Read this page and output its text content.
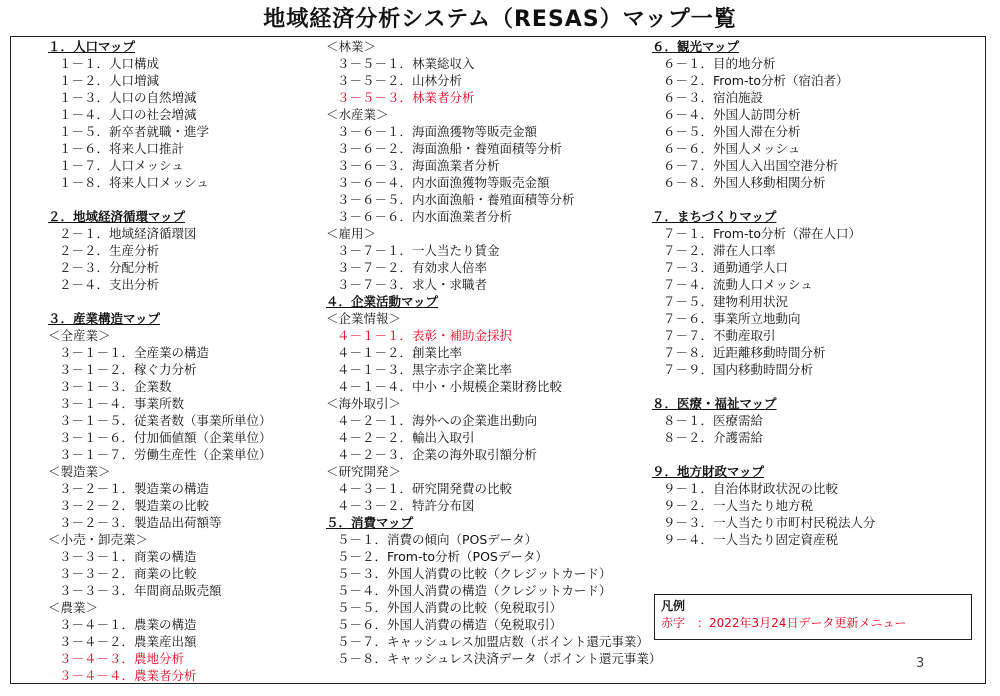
地域経済分析システム（RESAS）マップ一覧
１．人口マップ
１－１．人口構成
１－２．人口増減
１－３．人口の自然増減
１－４．人口の社会増減
１－５．新卒者就職・進学
１－６．将来人口推計
１－７．人口メッシュ
１－８．将来人口メッシュ
２．地域経済循環マップ
２－１．地域経済循環図
２－２．生産分析
２－３．分配分析
２－４．支出分析
３．産業構造マップ
＜全産業＞
３－１－１．全産業の構造
３－１－２．稼ぐ力分析
３－１－３．企業数
３－１－４．事業所数
３－１－５．従業者数（事業所単位）
３－１－６．付加価値額（企業単位）
３－１－７．労働生産性（企業単位）
＜製造業＞
３－２－１．製造業の構造
３－２－２．製造業の比較
３－２－３．製造品出荷額等
＜小売・卸売業＞
３－３－１．商業の構造
３－３－２．商業の比較
３－３－３．年間商品販売額
＜農業＞
３－４－１．農業の構造
３－４－２．農業産出額
３－４－３．農地分析
３－４－４．農業者分析
＜林業＞
３－５－１．林業総収入
３－５－２．山林分析
３－５－３．林業者分析
＜水産業＞
３－６－１．海面漁獲物等販売金額
３－６－２．海面漁船・養殖面積等分析
３－６－３．海面漁業者分析
３－６－４．内水面漁獲物等販売金額
３－６－５．内水面漁船・養殖面積等分析
３－６－６．内水面漁業者分析
＜雇用＞
３－７－１．一人当たり賃金
３－７－２．有効求人倍率
３－７－３．求人・求職者
４．企業活動マップ
＜企業情報＞
４－１－１．表彰・補助金採択
４－１－２．創業比率
４－１－３．黒字赤字企業比率
４－１－４．中小・小規模企業財務比較
＜海外取引＞
４－２－１．海外への企業進出動向
４－２－２．輸出入取引
４－２－３．企業の海外取引額分析
＜研究開発＞
４－３－１．研究開発費の比較
４－３－２．特許分布図
５．消費マップ
５－１．消費の傾向（POSデータ）
５－２．From-to分析（POSデータ）
５－３．外国人消費の比較（クレジットカード）
５－４．外国人消費の構造（クレジットカード）
５－５．外国人消費の比較（免税取引）
５－６．外国人消費の構造（免税取引）
５－７．キャッシュレス加盟店数（ポイント還元事業）
５－８．キャッシュレス決済データ（ポイント還元事業）
６．観光マップ
６－１．目的地分析
６－２．From-to分析（宿泊者）
６－３．宿泊施設
６－４．外国人訪問分析
６－５．外国人滞在分析
６－６．外国人メッシュ
６－７．外国人入出国空港分析
６－８．外国人移動相関分析
７．まちづくりマップ
７－１．From-to分析（滞在人口）
７－２．滞在人口率
７－３．通勤通学人口
７－４．流動人口メッシュ
７－５．建物利用状況
７－６．事業所立地動向
７－７．不動産取引
７－８．近距離移動時間分析
７－９．国内移動時間分析
８．医療・福祉マップ
８－１．医療需給
８－２．介護需給
９．地方財政マップ
９－１．自治体財政状況の比較
９－２．一人当たり地方税
９－３．一人当たり市町村民税法人分
９－４．一人当たり固定資産税
凡例
赤字　：2022年3月24日データ更新メニュー
3
